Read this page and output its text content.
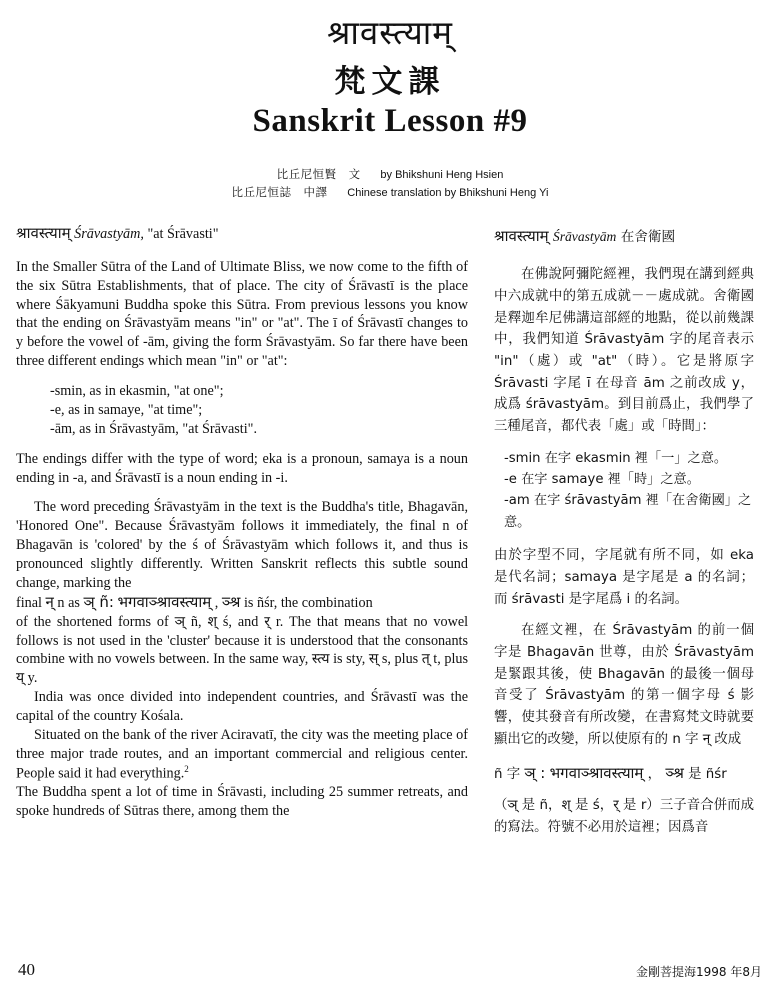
श्रावस्त्याम्
梵文課
Sanskrit Lesson #9
比丘尼恒賢　文 by Bhikshuni Heng Hsien
比丘尼恒誌　中譯 Chinese translation by Bhikshuni Heng Yi

श्रावस्त्याम् Śrāvastyām, "at Śrāvasti"

In the Smaller Sūtra of the Land of Ultimate Bliss, we now come to the fifth of the six Sūtra Establishments, that of place. The city of Śrāvastī is the place where Śākyamuni Buddha spoke this Sūtra. From previous lessons you know that the ending on Śrāvastyām means "in" or "at". The ī of Śrāvastī changes to y before the vowel of -ām, giving the form Śrāvastyām. So far there have been three different endings which mean "in" or "at":

-smin, as in ekasmin, "at one";
-e, as in samaye, "at time";
-ām, as in Śrāvastyām, "at Śrāvasti".

The endings differ with the type of word; eka is a pronoun, samaya is a noun ending in -a, and Śrāvastī is a noun ending in -i.

The word preceding Śrāvastyām in the text is the Buddha's title, Bhagavān, 'Honored One". Because Śrāvastyām follows it immediately, the final n of Bhagavān is 'colored' by the ś of Śrāvastyām which follows it, and thus is pronounced slightly differently. Written Sanskrit reflects this subtle sound change, marking the

final न् n as ञ् ñ: भगवाञ्श्रावस्त्याम् , ञ्श्र is ñśr, the combination

of the shortened forms of ञ् ñ, श् ś, and र् r. The that means that no vowel follows is not used in the 'cluster' because it is understood that the consonants combine with no vowels between. In the same way, स्त्य is sty, स् s, plus त् t, plus य् y.

India was once divided into independent countries, and Śrāvastī was the capital of the country Kośala.

Situated on the bank of the river Aciravatī, the city was the meeting place of three major trade routes, and an important commercial and religious center. People said it had everything.$^2$

The Buddha spent a lot of time in Śrāvasti, including 25 summer retreats, and spoke hundreds of Sūtras there, among them the

श्रावस्त्याम् Śrāvastyām 在舍衛國

在佛說阿彌陀經裡，我們現在講到經典中六成就中的第五成就－－處成就。舍衛國是釋迦牟尼佛講這部經的地點，從以前幾課中，我們知道 Śrāvastyām 字的尾音表示 "in"（處）或 "at"（時）。它是將原字 Śrāvasti 字尾 ī 在母音 ām 之前改成 y，成爲 śrāvastyām。到目前爲止，我們學了三種尾音，都代表「處」或「時間」：

-smin 在字 ekasmin 裡「一」之意。
-e 在字 samaye 裡「時」之意。
-am 在字 śrāvastyām 裡「在舍衛國」之意。

由於字型不同，字尾就有所不同，如 eka 是代名詞；samaya 是字尾是 a 的名詞；而 śrāvasti 是字尾爲 i 的名詞。

在經文裡，在 Śrāvastyām 的前一個字是 Bhagavān 世尊，由於 Śrāvastyām 是緊跟其後，使 Bhagavān 的最後一個母音受了 Śrāvastyām 的第一個字母 ś 影響，使其發音有所改變，在書寫梵文時就要顯出它的改變，所以使原有的 n 字 न् 改成

ñ 字 ञ् : भगवाञ्श्रावस्त्याम् ， ञ्श्र 是 ñśr

（ञ् 是 ñ，श् 是 ś，र् 是 r）三子音合併而成的寫法。符號不必用於這裡；因爲音

40	金剛菩提海1998 年8月
